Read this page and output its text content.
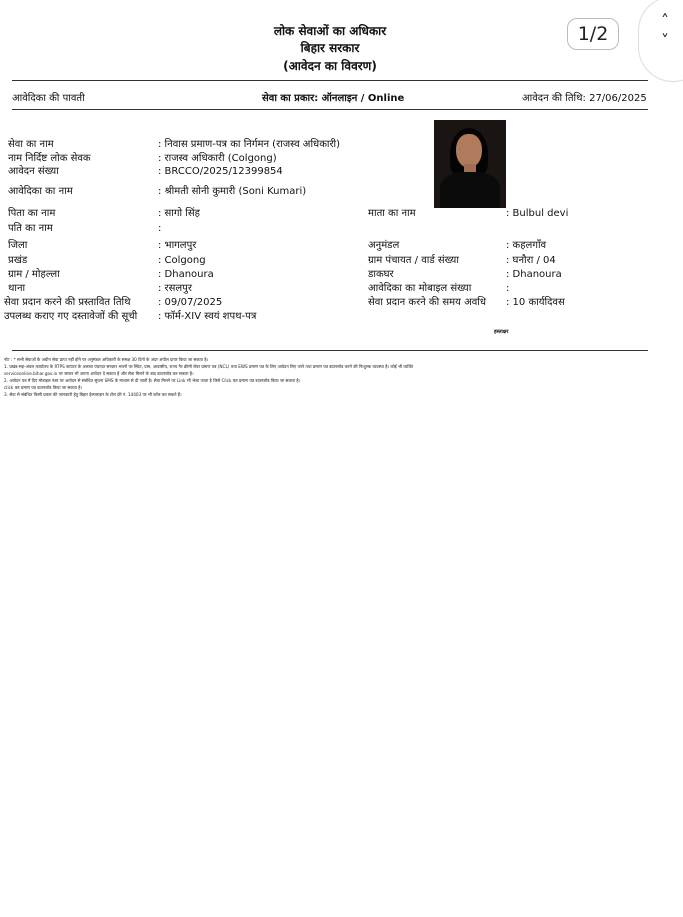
लोक सेवाओं का अधिकार
बिहार सरकार
(आवेदन का विवरण)
1/2
˄
˅
आवेदिका की पावती	सेवा का प्रकार: ऑनलाइन / Online	आवेदन की तिथि: 27/06/2025
सेवा का नाम	: निवास प्रमाण-पत्र का निर्गमन (राजस्व अधिकारी)
नाम निर्दिष्ट लोक सेवक	: राजस्व अधिकारी (Colgong)
आवेदन संख्या	: BRCCO/2025/12399854
आवेदिका का नाम	: श्रीमती सोनी कुमारी (Soni Kumari)
पिता का नाम	: सागो सिंह	माता का नाम	: Bulbul devi
पति का नाम	:
जिला	: भागलपुर	अनुमंडल	: कहलगाँव
प्रखंड	: Colgong	ग्राम पंचायत / वार्ड संख्या	: घनौरा / 04
ग्राम / मोहल्ला	: Dhanoura	डाकघर	: Dhanoura
थाना	: रसलपुर	आवेदिका का मोबाइल संख्या	:
सेवा प्रदान करने की प्रस्तावित तिथि	: 09/07/2025	सेवा प्रदान करने की समय अवधि : 10 कार्यदिवस
उपलब्ध कराए गए दस्तावेजों की सूची : फॉर्म-XIV स्वयं शपथ-पत्र
हस्ताक्षर
नोट : * सभी सेवाओं के अधीन सेवा प्राप्त नहीं होने पर अनुमंडल अधिकारी के समक्ष 30 दिनों के अंदर अपील दायर किया जा सकता है।
1. प्रखंड-सह-अंचल कार्यालय के RTPS काउंटर के अलावा पंचायत सरकार भवनों पर स्थित, ग्राम, आवासीय, राज्य गैर क्रीमी लेयर प्रमाण पत्र (NCL) तथा EWS प्रमाण पत्र के लिए आवेदन लिए जाने तथा प्रमाण पत्र डाउनलोड करने की निःशुल्क व्यवस्था है। कोई भी व्यक्ति
serviceonline.bihar.gov.in पर जाकर भी अपना आवेदन दे सकता है और सेवा मिलने के बाद डाउनलोड कर सकता है।
2. आवेदन पत्र में दिए मोबाइल नंबर पर आवेदन से संबंधित सूचना SMS के माध्यम से दी जाती है। सेवा मिलने पर Link भी भेजा जाता है जिसे Click कर प्रमाण पत्र डाउनलोड किया जा सकता है।
click कर प्रमाण पत्र डाउनलोड किया जा सकता है।
3. सेवा से संबंधित किसी प्रकार की जानकारी हेतु बिहार हेल्पलाइन के टोल फ्री नं. 14403 पर भी कॉल कर सकते हैं।
